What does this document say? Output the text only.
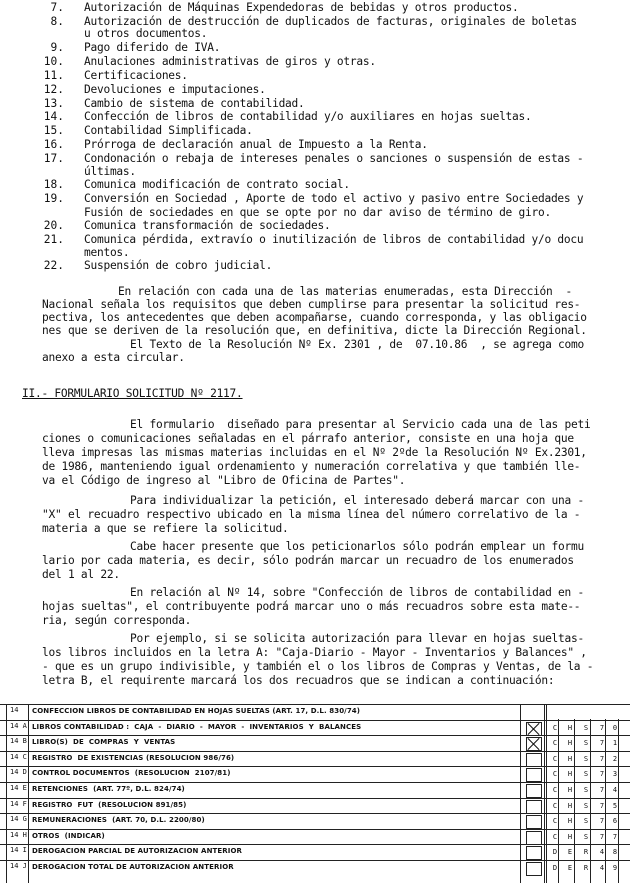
7. Autorización de Máquinas Expendedoras de bebidas y otros productos.
8. Autorización de destrucción de duplicados de facturas, originales de boletas
u otros documentos.
9. Pago diferido de IVA.
10. Anulaciones administrativas de giros y otras.
11. Certificaciones.
12. Devoluciones e imputaciones.
13. Cambio de sistema de contabilidad.
14. Confección de libros de contabilidad y/o auxiliares en hojas sueltas.
15. Contabilidad Simplificada.
16. Prórroga de declaración anual de Impuesto a la Renta.
17. Condonación o rebaja de intereses penales o sanciones o suspensión de estas -
últimas.
18. Comunica modificación de contrato social.
19. Conversión en Sociedad , Aporte de todo el activo y pasivo entre Sociedades y
Fusión de sociedades en que se opte por no dar aviso de término de giro.
20. Comunica transformación de sociedades.
21. Comunica pérdida, extravío o inutilización de libros de contabilidad y/o docu
mentos.
22. Suspensión de cobro judicial.
En relación con cada una de las materias enumeradas, esta Dirección  -
Nacional señala los requisitos que deben cumplirse para presentar la solicitud res-
pectiva, los antecedentes que deben acompañarse, cuando corresponda, y las obligacio
nes que se deriven de la resolución que, en definitiva, dicte la Dirección Regional.
El Texto de la Resolución Nº Ex. 2301 , de  07.10.86  , se agrega como
anexo a esta circular.
II.- FORMULARIO SOLICITUD Nº 2117.
El formulario  diseñado para presentar al Servicio cada una de las peti
ciones o comunicaciones señaladas en el párrafo anterior, consiste en una hoja que
lleva impresas las mismas materias incluidas en el Nº 2ºde la Resolución Nº Ex.2301,
de 1986, manteniendo igual ordenamiento y numeración correlativa y que también lle-
va el Código de ingreso al "Libro de Oficina de Partes".
Para individualizar la petición, el interesado deberá marcar con una -
"X" el recuadro respectivo ubicado en la misma línea del número correlativo de la -
materia a que se refiere la solicitud.
Cabe hacer presente que los peticionarlos sólo podrán emplear un formu
lario por cada materia, es decir, sólo podrán marcar un recuadro de los enumerados
del 1 al 22.
En relación al Nº 14, sobre "Confección de libros de contabilidad en -
hojas sueltas", el contribuyente podrá marcar uno o más recuadros sobre esta mate--
ria, según corresponda.
Por ejemplo, si se solicita autorización para llevar en hojas sueltas-
los libros incluidos en la letra A: "Caja-Diario - Mayor - Inventarios y Balances" ,
- que es un grupo indivisible, y también el o los libros de Compras y Ventas, de la -
letra B, el requirente marcará los dos recuadros que se indican a continuación:
14	CONFECCION LIBROS DE CONTABILIDAD EN HOJAS SUELTAS (ART. 17, D.L. 830/74)
14 A LIBROS CONTABILIDAD :  CAJA  -  DIARIO  -  MAYOR  -  INVENTARIOS  Y  BALANCES	C	H	S	7	0
14 B LIBRO(S)  DE  COMPRAS  Y  VENTAS	C	H	S	7	1
14 C REGISTRO  DE EXISTENCIAS (RESOLUCION 986/76)	C	H	S	7	2
14 D CONTROL DOCUMENTOS  (RESOLUCION  2107/81)	C	H	S	7	3
14 E RETENCIONES  (ART. 77º, D.L. 824/74)	C	H	S	7	4
14 F REGISTRO  FUT  (RESOLUCION 891/85)	C	H	S	7	5
14 G REMUNERACIONES  (ART. 70, D.L. 2200/80)	C	H	S	7	6
14 H OTROS  (INDICAR)	C	H	S	7	7
14 I DEROGACION PARCIAL DE AUTORIZACION ANTERIOR	D	E	R	4	8
14 J DEROGACION TOTAL DE AUTORIZACION ANTERIOR	D	E	R	4	9
